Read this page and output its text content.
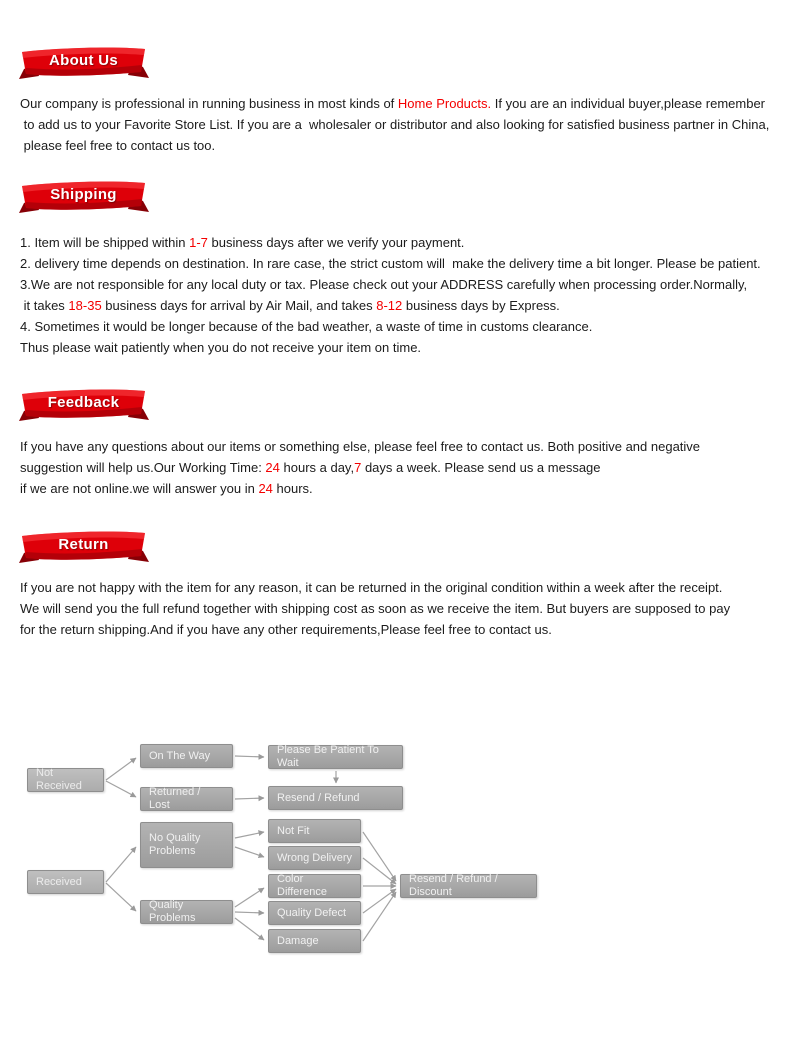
About Us
Our company is professional in running business in most kinds of Home Products. If you are an individual buyer,please remember
to add us to your Favorite Store List. If you are a  wholesaler or distributor and also looking for satisfied business partner in China,
please feel free to contact us too.
Shipping
1. Item will be shipped within 1-7 business days after we verify your payment.
2. delivery time depends on destination. In rare case, the strict custom will  make the delivery time a bit longer. Please be patient.
3.We are not responsible for any local duty or tax. Please check out your ADDRESS carefully when processing order.Normally,
it takes 18-35 business days for arrival by Air Mail, and takes 8-12 business days by Express.
4. Sometimes it would be longer because of the bad weather, a waste of time in customs clearance.
Thus please wait patiently when you do not receive your item on time.
Feedback
If you have any questions about our items or something else, please feel free to contact us. Both positive and negative
suggestion will help us.Our Working Time: 24 hours a day,7 days a week. Please send us a message
if we are not online.we will answer you in 24 hours.
Return
If you are not happy with the item for any reason, it can be returned in the original condition within a week after the receipt.
We will send you the full refund together with shipping cost as soon as we receive the item. But buyers are supposed to pay
for the return shipping.And if you have any other requirements,Please feel free to contact us.
Not Received
On The Way	Please Be Patient To Wait
Returned / Lost
Resend / Refund
No Quality Problems
Not Fit
Wrong Delivery
Received	Color Difference
Quality Problems	Quality Defect
Damage
Resend / Refund / Discount
